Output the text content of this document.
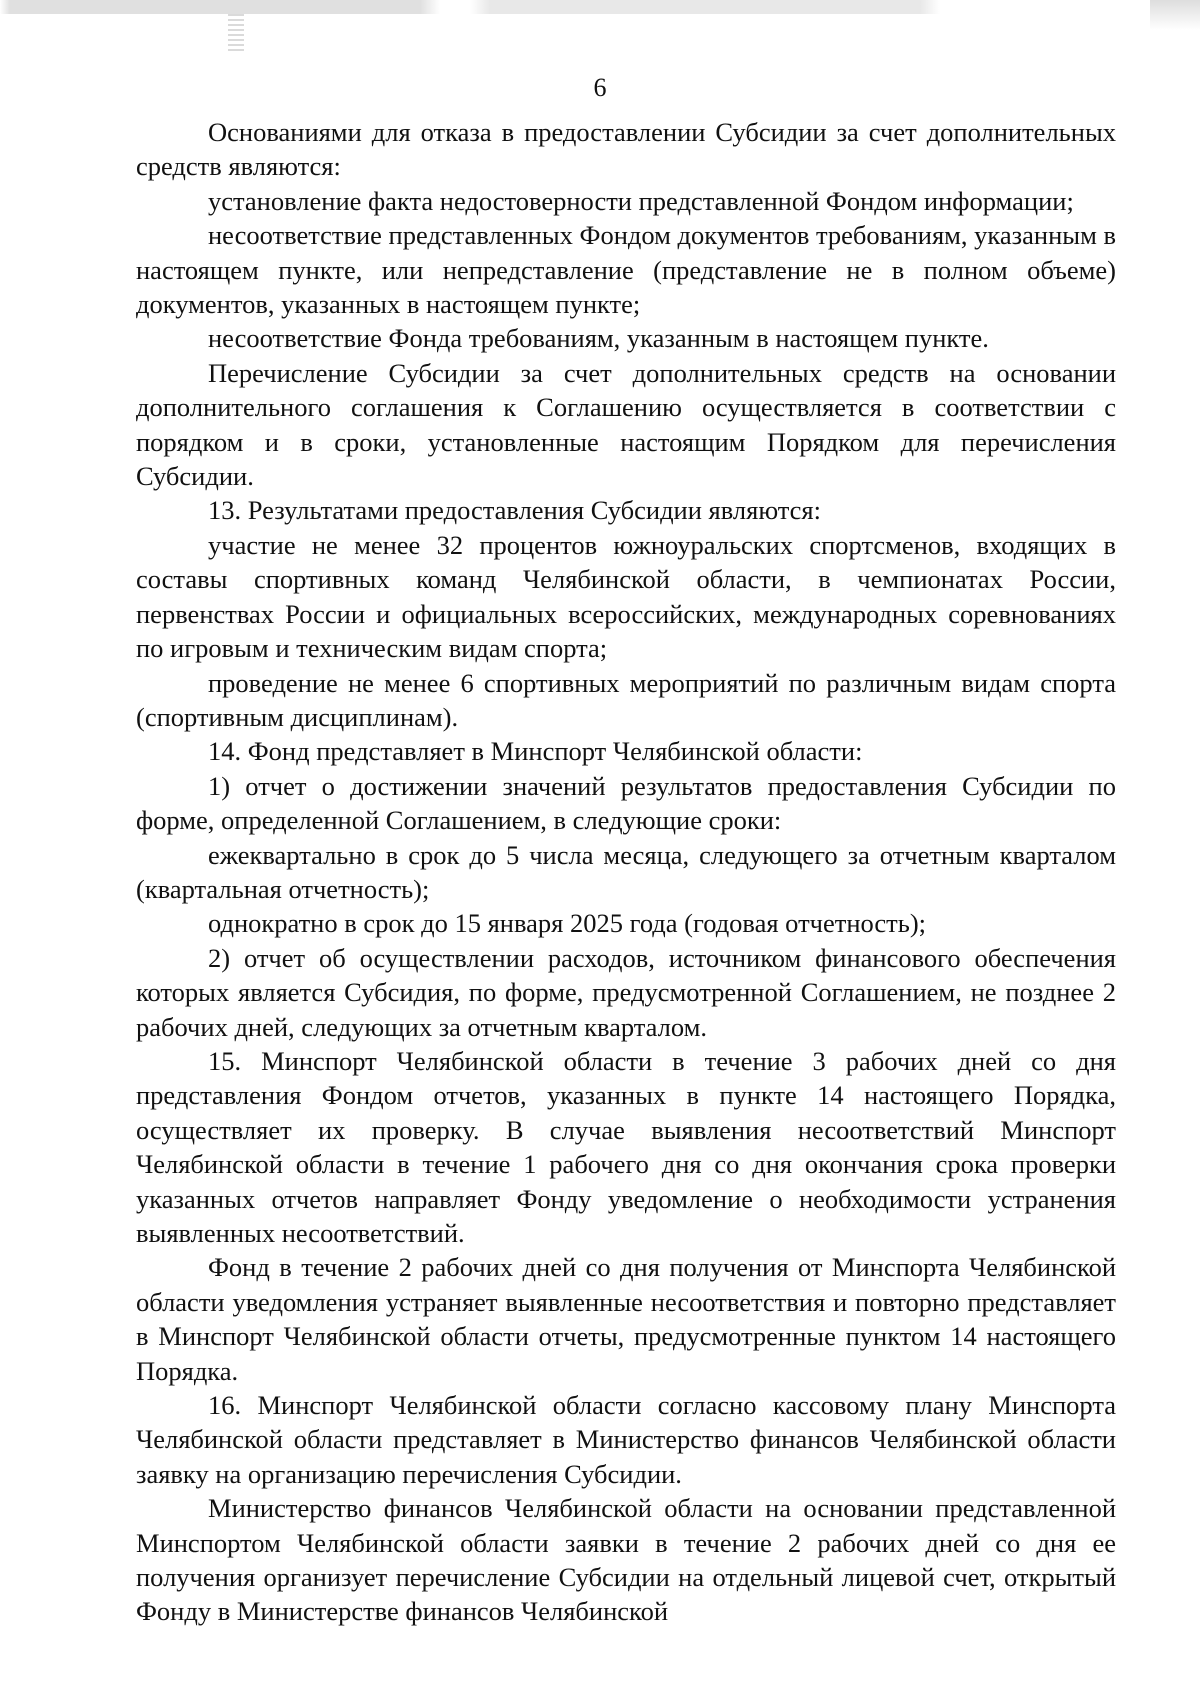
6

Основаниями для отказа в предоставлении Субсидии за счет дополнительных средств являются:

установление факта недостоверности представленной Фондом информации;

несоответствие представленных Фондом документов требованиям, указанным в настоящем пункте, или непредставление (представление не в полном объеме) документов, указанных в настоящем пункте;

несоответствие Фонда требованиям, указанным в настоящем пункте.

Перечисление Субсидии за счет дополнительных средств на основании дополнительного соглашения к Соглашению осуществляется в соответствии с порядком и в сроки, установленные настоящим Порядком для перечисления Субсидии.

13. Результатами предоставления Субсидии являются:

участие не менее 32 процентов южноуральских спортсменов, входящих в составы спортивных команд Челябинской области, в чемпионатах России, первенствах России и официальных всероссийских, международных соревнованиях по игровым и техническим видам спорта;

проведение не менее 6 спортивных мероприятий по различным видам спорта (спортивным дисциплинам).

14. Фонд представляет в Минспорт Челябинской области:

1) отчет о достижении значений результатов предоставления Субсидии по форме, определенной Соглашением, в следующие сроки:

ежеквартально в срок до 5 числа месяца, следующего за отчетным кварталом (квартальная отчетность);

однократно в срок до 15 января 2025 года (годовая отчетность);

2) отчет об осуществлении расходов, источником финансового обеспечения которых является Субсидия, по форме, предусмотренной Соглашением, не позднее 2 рабочих дней, следующих за отчетным кварталом.

15. Минспорт Челябинской области в течение 3 рабочих дней со дня представления Фондом отчетов, указанных в пункте 14 настоящего Порядка, осуществляет их проверку. В случае выявления несоответствий Минспорт Челябинской области в течение 1 рабочего дня со дня окончания срока проверки указанных отчетов направляет Фонду уведомление о необходимости устранения выявленных несоответствий.

Фонд в течение 2 рабочих дней со дня получения от Минспорта Челябинской области уведомления устраняет выявленные несоответствия и повторно представляет в Минспорт Челябинской области отчеты, предусмотренные пунктом 14 настоящего Порядка.

16. Минспорт Челябинской области согласно кассовому плану Минспорта Челябинской области представляет в Министерство финансов Челябинской области заявку на организацию перечисления Субсидии.

Министерство финансов Челябинской области на основании представленной Минспортом Челябинской области заявки в течение 2 рабочих дней со дня ее получения организует перечисление Субсидии на отдельный лицевой счет, открытый Фонду в Министерстве финансов Челябинской
